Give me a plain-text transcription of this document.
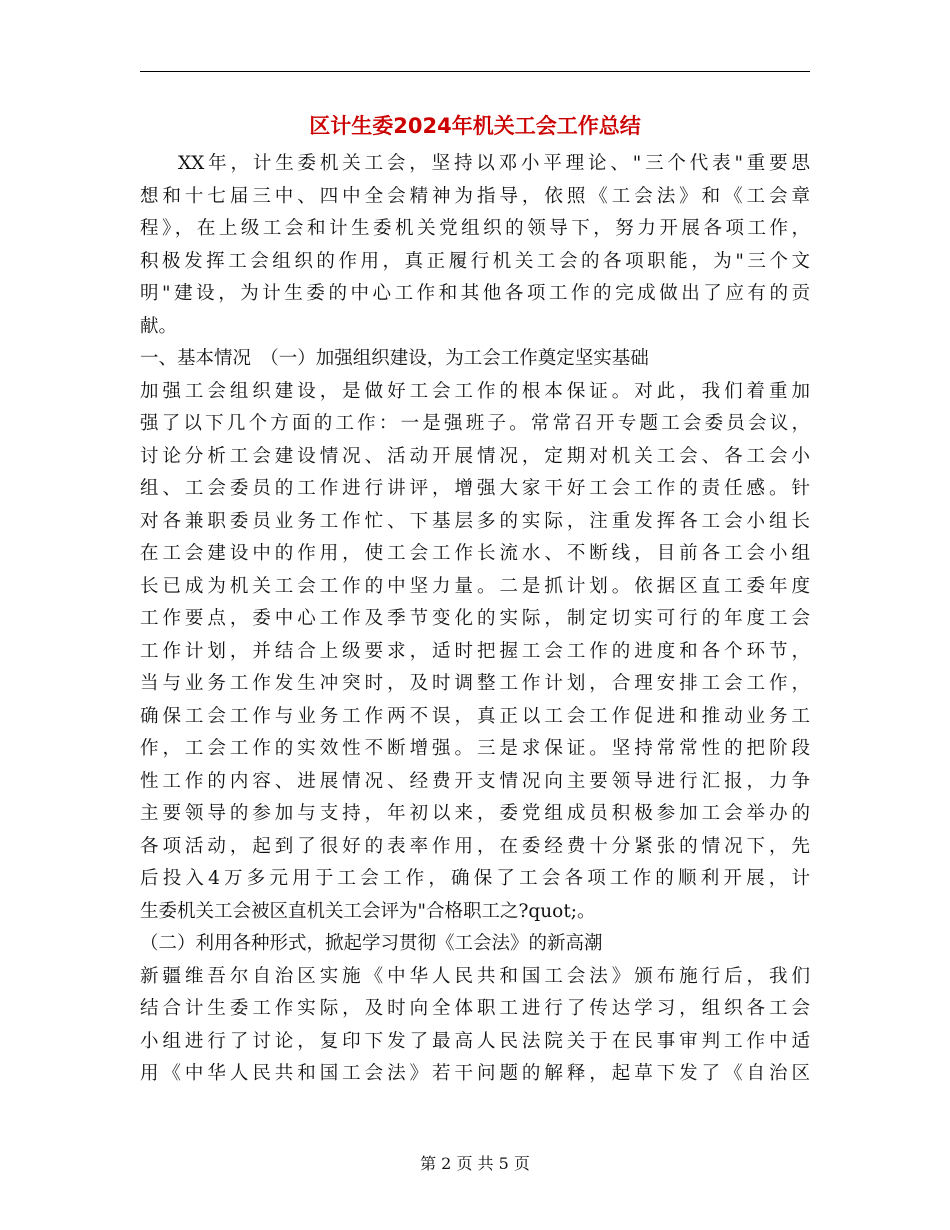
区计生委2024年机关工会工作总结
XX年，计生委机关工会，坚持以邓小平理论、"三个代表"重要思
想和十七届三中、四中全会精神为指导，依照《工会法》和《工会章
程》，在上级工会和计生委机关党组织的领导下，努力开展各项工作，
积极发挥工会组织的作用，真正履行机关工会的各项职能，为"三个文
明"建设，为计生委的中心工作和其他各项工作的完成做出了应有的贡
献。
一、基本情况　（一）加强组织建设，为工会工作奠定坚实基础
加强工会组织建设，是做好工会工作的根本保证。对此，我们着重加
强了以下几个方面的工作：一是强班子。常常召开专题工会委员会议，
讨论分析工会建设情况、活动开展情况，定期对机关工会、各工会小
组、工会委员的工作进行讲评，增强大家干好工会工作的责任感。针
对各兼职委员业务工作忙、下基层多的实际，注重发挥各工会小组长
在工会建设中的作用，使工会工作长流水、不断线，目前各工会小组
长已成为机关工会工作的中坚力量。二是抓计划。依据区直工委年度
工作要点，委中心工作及季节变化的实际，制定切实可行的年度工会
工作计划，并结合上级要求，适时把握工会工作的进度和各个环节，
当与业务工作发生冲突时，及时调整工作计划，合理安排工会工作，
确保工会工作与业务工作两不误，真正以工会工作促进和推动业务工
作，工会工作的实效性不断增强。三是求保证。坚持常常性的把阶段
性工作的内容、进展情况、经费开支情况向主要领导进行汇报，力争
主要领导的参加与支持，年初以来，委党组成员积极参加工会举办的
各项活动，起到了很好的表率作用，在委经费十分紧张的情况下，先
后投入4万多元用于工会工作，确保了工会各项工作的顺利开展，计
生委机关工会被区直机关工会评为"合格职工之?quot;。
（二）利用各种形式，掀起学习贯彻《工会法》的新高潮
新疆维吾尔自治区实施《中华人民共和国工会法》颁布施行后，我们
结合计生委工作实际，及时向全体职工进行了传达学习，组织各工会
小组进行了讨论，复印下发了最高人民法院关于在民事审判工作中适
用《中华人民共和国工会法》若干问题的解释，起草下发了《自治区
第 2 页 共 5 页
